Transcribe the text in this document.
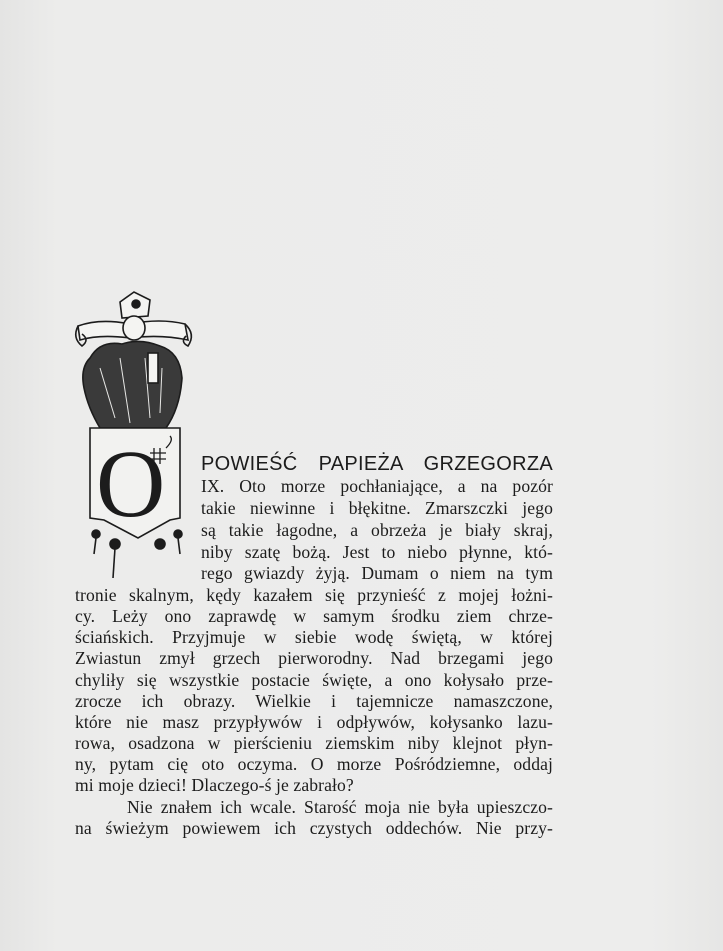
O POWIEŚĆ PAPIEŻA GRZEGORZA
IX. Oto morze pochłaniające, a na pozór
takie niewinne i błękitne. Zmarszczki jego
są takie łagodne, a obrzeża je biały skraj,
niby szatę bożą. Jest to niebo płynne, któ-
rego gwiazdy żyją. Dumam o niem na tym
tronie skalnym, kędy kazałem się przynieść z mojej łożni-
cy. Leży ono zaprawdę w samym środku ziem chrze-
ściańskich. Przyjmuje w siebie wodę świętą, w której
Zwiastun zmył grzech pierworodny. Nad brzegami jego
chyliły się wszystkie postacie święte, a ono kołysało prze-
zrocze ich obrazy. Wielkie i tajemnicze namaszczone,
które nie masz przypływów i odpływów, kołysanko lazu-
rowa, osadzona w pierścieniu ziemskim niby klejnot płyn-
ny, pytam cię oto oczyma. O morze Pośródziemne, oddaj
mi moje dzieci! Dlaczego-ś je zabrało?
Nie znałem ich wcale. Starość moja nie była upieszczo-
na świeżym powiewem ich czystych oddechów. Nie przy-
